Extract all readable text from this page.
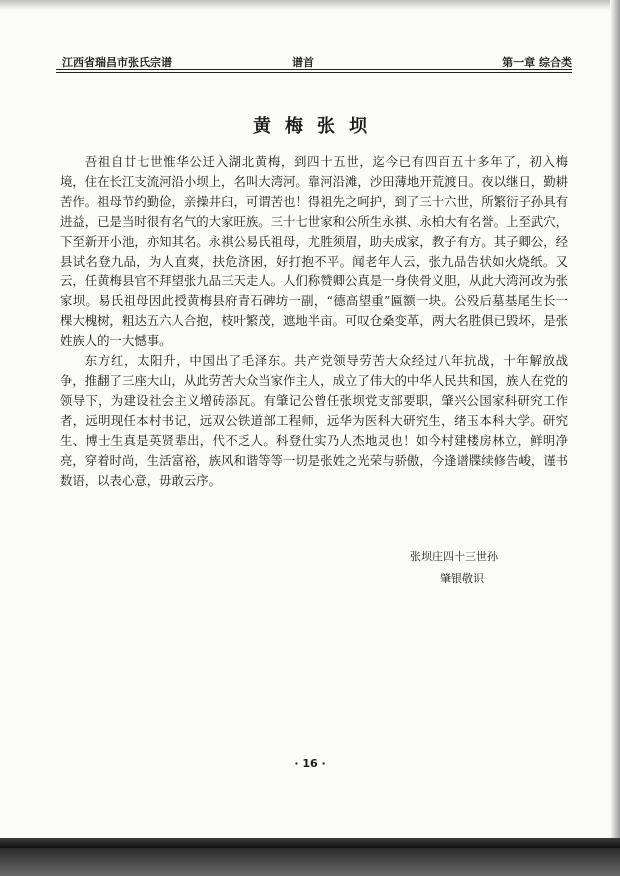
江西省瑞昌市张氏宗谱	谱首	第一章 综合类
黄梅张坝

吾祖自廿七世惟华公迁入湖北黄梅，到四十五世，迄今已有四百五十多年了，初入梅境，住在长江支流河沿小坝上，名叫大湾河。靠河沿滩，沙田薄地开荒渡日。夜以继日，勤耕苦作。祖母节约勤俭，亲操井臼，可谓苦也！得祖先之呵护，到了三十六世，所繁衍子孙具有进益，已是当时很有名气的大家旺族。三十七世家和公所生永祺、永柏大有名誉。上至武穴，下至新开小池，亦知其名。永祺公易氏祖母，尤胜须眉，助夫成家，教子有方。其子卿公，经县试名登九品，为人直爽，扶危济困，好打抱不平。闻老年人云，张九品告状如火烧纸。又云，任黄梅县官不拜望张九品三天走人。人们称赞卿公真是一身侠骨义胆，从此大湾河改为张家坝。易氏祖母因此授黄梅县府青石碑坊一副，“德高望重”匾额一块。公殁后墓基尾生长一棵大槐树，粗达五六人合抱，枝叶繁茂，遮地半亩。可叹仓桑变革，两大名胜俱已毁坏，是张姓族人的一大憾事。

东方红，太阳升，中国出了毛泽东。共产党领导劳苦大众经过八年抗战，十年解放战争，推翻了三座大山，从此劳苦大众当家作主人，成立了伟大的中华人民共和国，族人在党的领导下，为建设社会主义增砖添瓦。有肇记公曾任张坝党支部要职，肇兴公国家科研究工作者，远明现任本村书记，远双公铁道部工程师，远华为医科大研究生，绪玉本科大学。研究生、博士生真是英贤辈出，代不乏人。科登仕实乃人杰地灵也！如今村建楼房林立，鲜明净亮，穿着时尚，生活富裕，族风和谐等等一切是张姓之光荣与骄傲，今逢谱牒续修告峻，谨书数语，以表心意，毋敢云序。

张坝庄四十三世孙
肇银敬识
· 16 ·
